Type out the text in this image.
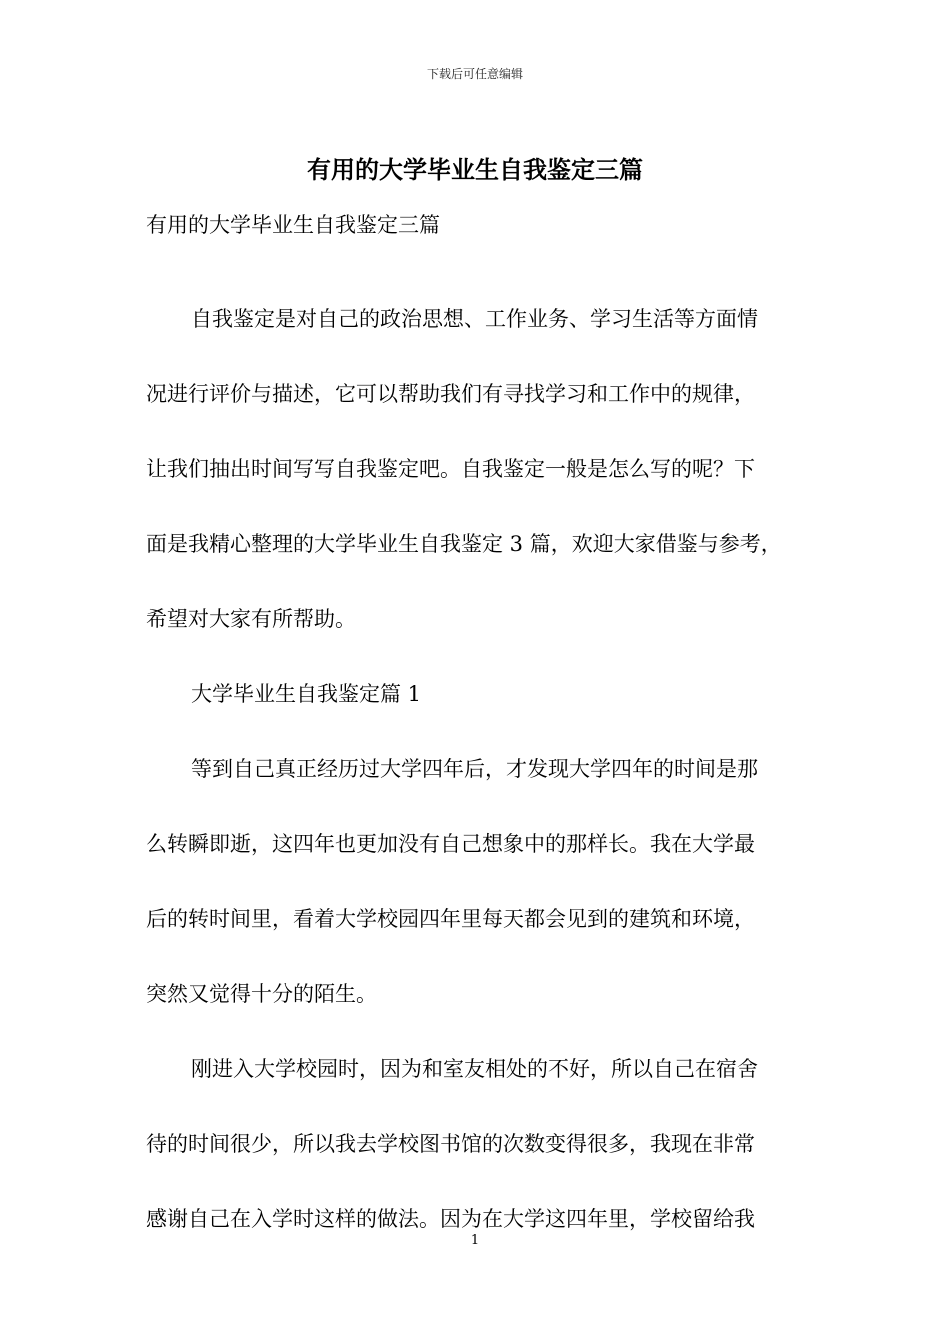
下载后可任意编辑
有用的大学毕业生自我鉴定三篇
有用的大学毕业生自我鉴定三篇
自我鉴定是对自己的政治思想、工作业务、学习生活等方面情
况进行评价与描述，它可以帮助我们有寻找学习和工作中的规律，
让我们抽出时间写写自我鉴定吧。自我鉴定一般是怎么写的呢？下
面是我精心整理的大学毕业生自我鉴定 3 篇，欢迎大家借鉴与参考，
希望对大家有所帮助。
大学毕业生自我鉴定篇 1
等到自己真正经历过大学四年后，才发现大学四年的时间是那
么转瞬即逝，这四年也更加没有自己想象中的那样长。我在大学最
后的转时间里，看着大学校园四年里每天都会见到的建筑和环境，
突然又觉得十分的陌生。
刚进入大学校园时，因为和室友相处的不好，所以自己在宿舍
待的时间很少，所以我去学校图书馆的次数变得很多，我现在非常
感谢自己在入学时这样的做法。因为在大学这四年里，学校留给我
1
